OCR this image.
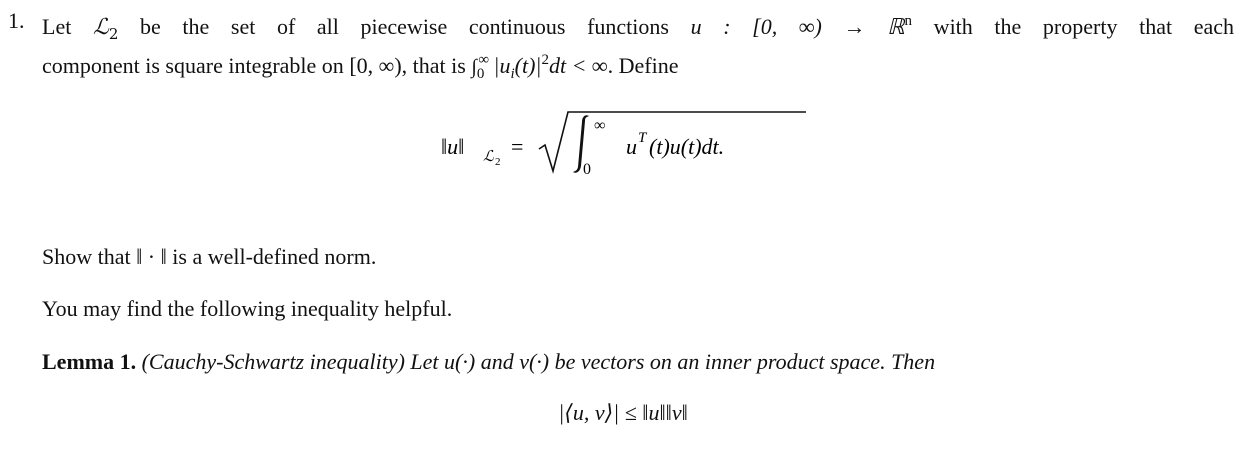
1. Let ℒ$_2$ be the set of all piecewise continuous functions u : [0, ∞) → ℝ$^n$ with the property that each
component is square integrable on [0, ∞), that is $\int_0^\infty$  $|u_i(t)|^2dt$ < ∞. Define
‖u‖ ℒ 2
=
∞
0
u T (t)u(t)dt.
Show that ‖ · ‖ is a well-defined norm.
You may find the following inequality helpful.
Lemma 1. (Cauchy-Schwartz inequality) Let u(·) and v(·) be vectors on an inner product space. Then
|⟨u, v⟩| ≤ ‖u‖‖v‖
